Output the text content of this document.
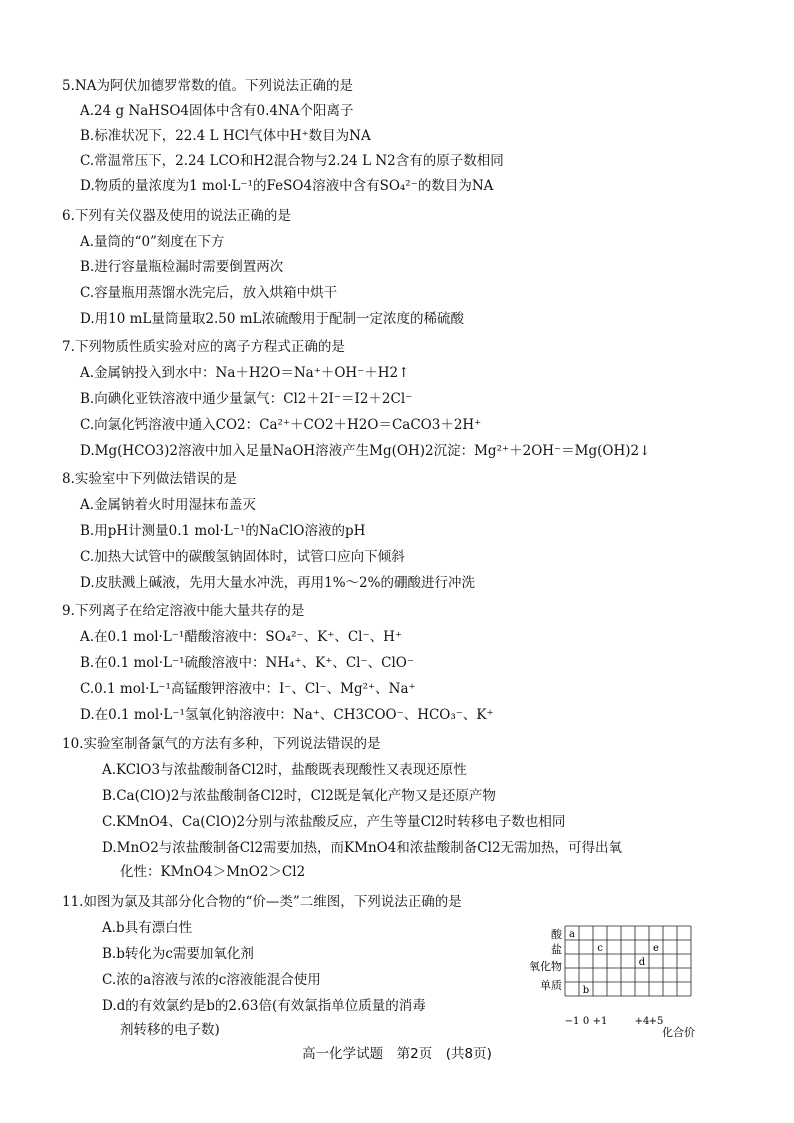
5.NA为阿伏加德罗常数的值。下列说法正确的是
A.24 g NaHSO4固体中含有0.4NA个阳离子
B.标准状况下，22.4 L HCl气体中H⁺数目为NA
C.常温常压下，2.24 LCO和H2混合物与2.24 L N2含有的原子数相同
D.物质的量浓度为1 mol·L⁻¹的FeSO4溶液中含有SO₄²⁻的数目为NA
6.下列有关仪器及使用的说法正确的是
A.量筒的“0”刻度在下方
B.进行容量瓶检漏时需要倒置两次
C.容量瓶用蒸馏水洗完后，放入烘箱中烘干
D.用10 mL量筒量取2.50 mL浓硫酸用于配制一定浓度的稀硫酸
7.下列物质性质实验对应的离子方程式正确的是
A.金属钠投入到水中：Na＋H2O＝Na⁺＋OH⁻＋H2↑
B.向碘化亚铁溶液中通少量氯气：Cl2＋2I⁻＝I2＋2Cl⁻
C.向氯化钙溶液中通入CO2：Ca²⁺＋CO2＋H2O＝CaCO3＋2H⁺
D.Mg(HCO3)2溶液中加入足量NaOH溶液产生Mg(OH)2沉淀：Mg²⁺＋2OH⁻＝Mg(OH)2↓
8.实验室中下列做法错误的是
A.金属钠着火时用湿抹布盖灭
B.用pH计测量0.1 mol·L⁻¹的NaClO溶液的pH
C.加热大试管中的碳酸氢钠固体时，试管口应向下倾斜
D.皮肤溅上碱液，先用大量水冲洗，再用1%～2%的硼酸进行冲洗
9.下列离子在给定溶液中能大量共存的是
A.在0.1 mol·L⁻¹醋酸溶液中：SO₄²⁻、K⁺、Cl⁻、H⁺
B.在0.1 mol·L⁻¹硫酸溶液中：NH₄⁺、K⁺、Cl⁻、ClO⁻
C.0.1 mol·L⁻¹高锰酸钾溶液中：I⁻、Cl⁻、Mg²⁺、Na⁺
D.在0.1 mol·L⁻¹氢氧化钠溶液中：Na⁺、CH3COO⁻、HCO₃⁻、K⁺
10.实验室制备氯气的方法有多种，下列说法错误的是
A.KClO3与浓盐酸制备Cl2时，盐酸既表现酸性又表现还原性
B.Ca(ClO)2与浓盐酸制备Cl2时，Cl2既是氧化产物又是还原产物
C.KMnO4、Ca(ClO)2分别与浓盐酸反应，产生等量Cl2时转移电子数也相同
D.MnO2与浓盐酸制备Cl2需要加热，而KMnO4和浓盐酸制备Cl2无需加热，可得出氧
化性：KMnO4＞MnO2＞Cl2
11.如图为氯及其部分化合物的“价—类”二维图，下列说法正确的是
A.b具有漂白性
B.b转化为c需要加氧化剂
C.浓的a溶液与浓的c溶液能混合使用
D.d的有效氯约是b的2.63倍(有效氯指单位质量的消毒
剂转移的电子数)
酸
盐
氧化物
单质
−1 0 +1	+4 +5
化合价
a
b
c
d
e
高一化学试题　第2页　(共8页)
